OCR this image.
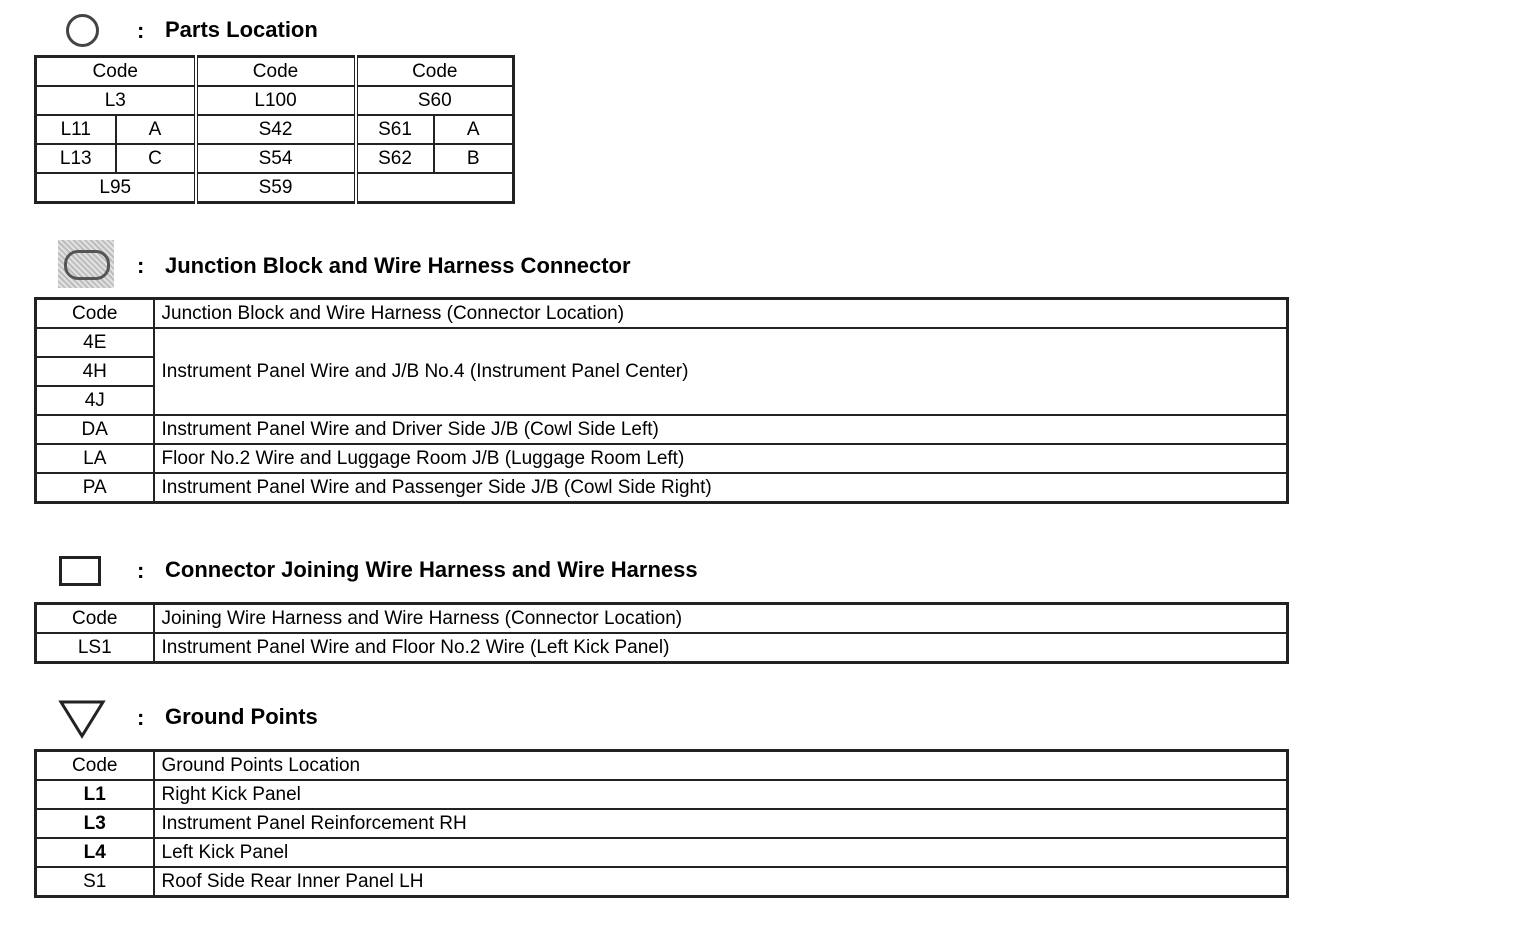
: Parts Location
Code		Code	Code	
L3		L100	S60	
L11	A	S42	S61	A
L13	C	S54	S62	B
L95		S59		
: Junction Block and Wire Harness Connector
Code	Junction Block and Wire Harness (Connector Location)
4E	Instrument Panel Wire and J/B No.4 (Instrument Panel Center)
4H	
4J	
DA	Instrument Panel Wire and Driver Side J/B (Cowl Side Left)
LA	Floor No.2 Wire and Luggage Room J/B (Luggage Room Left)
PA	Instrument Panel Wire and Passenger Side J/B (Cowl Side Right)
: Connector Joining Wire Harness and Wire Harness
Code	Joining Wire Harness and Wire Harness (Connector Location)
LS1	Instrument Panel Wire and Floor No.2 Wire (Left Kick Panel)
: Ground Points
Code	Ground Points Location
L1	Right Kick Panel
L3	Instrument Panel Reinforcement RH
L4	Left Kick Panel
S1	Roof Side Rear Inner Panel LH
